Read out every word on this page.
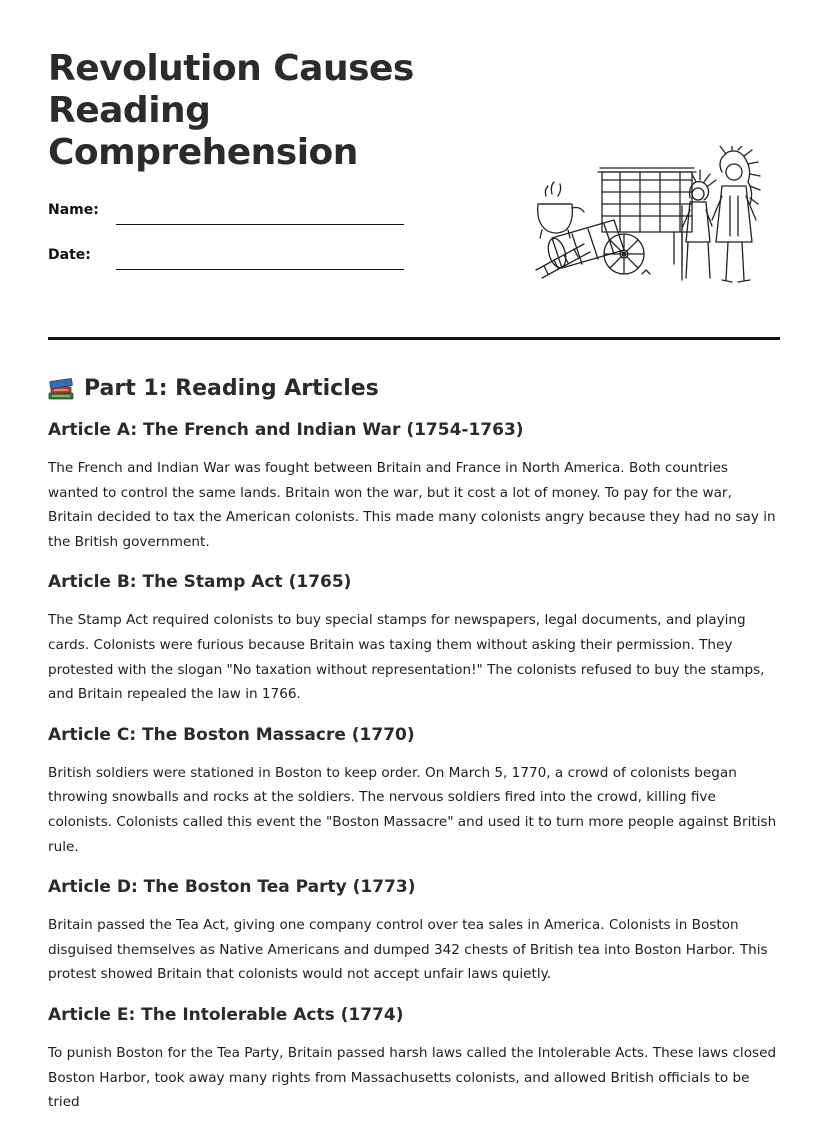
Revolution Causes Reading Comprehension
Name:
Date:
Part 1: Reading Articles
Article A: The French and Indian War (1754-1763)

The French and Indian War was fought between Britain and France in North America. Both countries wanted to control the same lands. Britain won the war, but it cost a lot of money. To pay for the war, Britain decided to tax the American colonists. This made many colonists angry because they had no say in the British government.

Article B: The Stamp Act (1765)

The Stamp Act required colonists to buy special stamps for newspapers, legal documents, and playing cards. Colonists were furious because Britain was taxing them without asking their permission. They protested with the slogan "No taxation without representation!" The colonists refused to buy the stamps, and Britain repealed the law in 1766.

Article C: The Boston Massacre (1770)

British soldiers were stationed in Boston to keep order. On March 5, 1770, a crowd of colonists began throwing snowballs and rocks at the soldiers. The nervous soldiers fired into the crowd, killing five colonists. Colonists called this event the "Boston Massacre" and used it to turn more people against British rule.

Article D: The Boston Tea Party (1773)

Britain passed the Tea Act, giving one company control over tea sales in America. Colonists in Boston disguised themselves as Native Americans and dumped 342 chests of British tea into Boston Harbor. This protest showed Britain that colonists would not accept unfair laws quietly.

Article E: The Intolerable Acts (1774)

To punish Boston for the Tea Party, Britain passed harsh laws called the Intolerable Acts. These laws closed Boston Harbor, took away many rights from Massachusetts colonists, and allowed British officials to be tried
